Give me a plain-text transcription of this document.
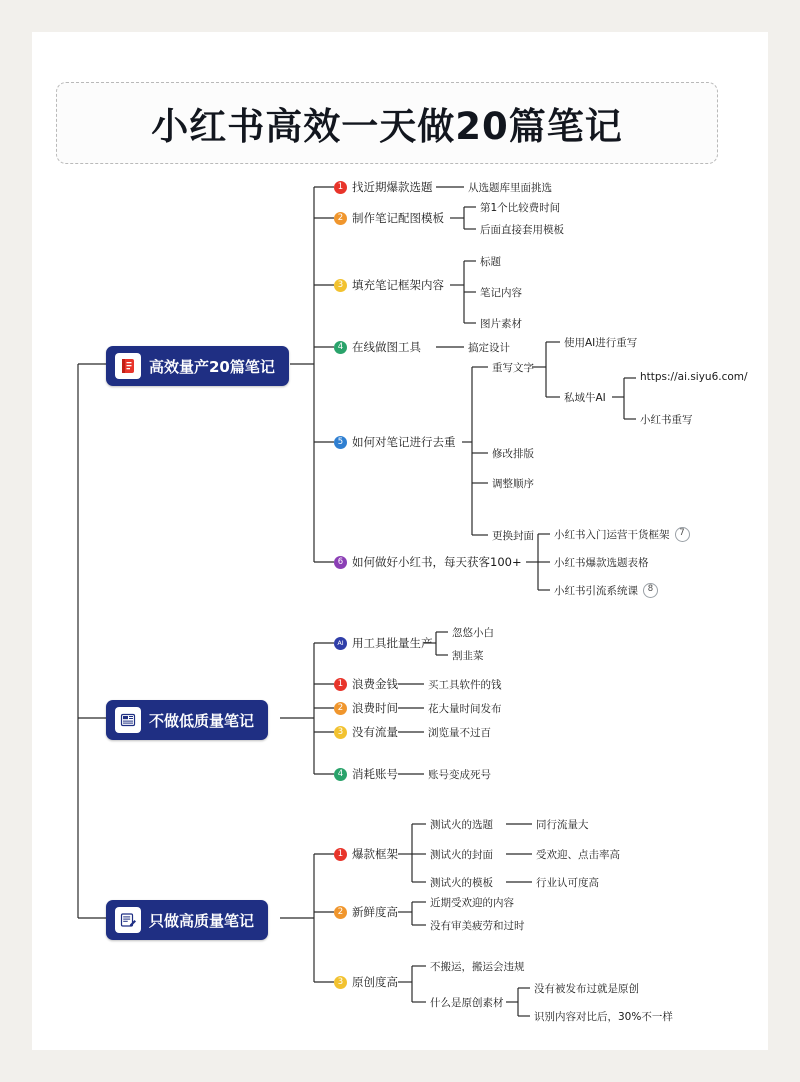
小红书高效一天做20篇笔记
高效量产20篇笔记
不做低质量笔记
只做高质量笔记
1 找近期爆款选题	从选题库里面挑选
2 制作笔记配图模板
第1个比较费时间
后面直接套用模板
3 填充笔记框架内容
标题
笔记内容
图片素材
4 在线做图工具	搞定设计
5 如何对笔记进行去重
重写文字
使用AI进行重写
私域牛AI
https://ai.siyu6.com/
小红书重写
修改排版
调整顺序
更换封面
6 如何做好小红书，每天获客100+
小红书入门运营干货框架	7
小红书爆款选题表格
小红书引流系统课	8
AI 用工具批量生产
忽悠小白
割韭菜
1 浪费金钱	买工具软件的钱
2 浪费时间	花大量时间发布
3 没有流量	浏览量不过百
4 消耗账号	账号变成死号
1 爆款框架
测试火的选题	同行流量大
测试火的封面	受欢迎、点击率高
测试火的模板	行业认可度高
2 新鲜度高
近期受欢迎的内容
没有审美疲劳和过时
3 原创度高
不搬运，搬运会违规
什么是原创素材
没有被发布过就是原创
识别内容对比后，30%不一样
